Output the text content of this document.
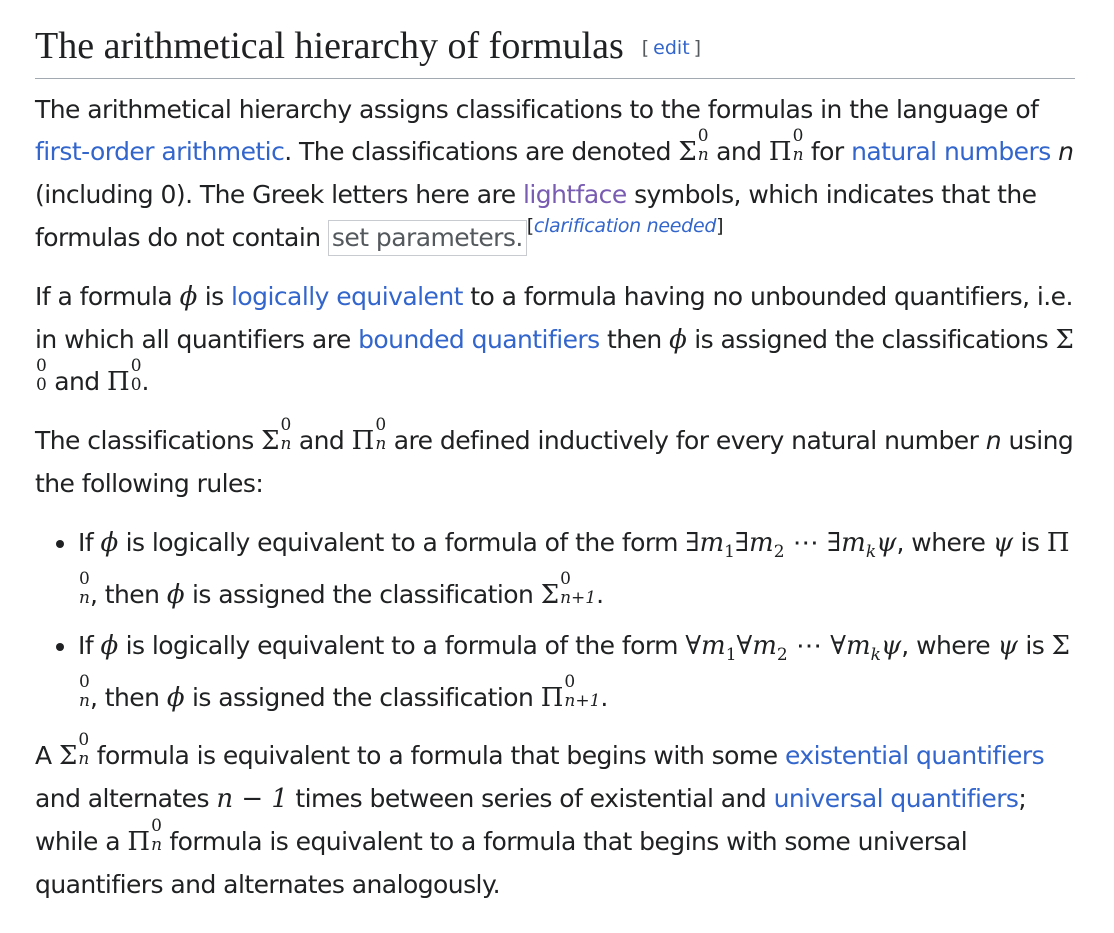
The arithmetical hierarchy of formulas [ edit ]

The arithmetical hierarchy assigns classifications to the formulas in the language of first-order arithmetic. The classifications are denoted Σ
0
n and Π
0
n for natural numbers n (including 0). The Greek letters here are lightface symbols, which indicates that the formulas do not contain set parameters. [clarification needed]

If a formula ϕ is logically equivalent to a formula having no unbounded quantifiers, i.e. in which all quantifiers are bounded quantifiers then ϕ is assigned the classifications Σ
0
0 and Π
0
0 .

The classifications Σ
0
n and Π
0
n are defined inductively for every natural number n using the following rules:

• If ϕ is logically equivalent to a formula of the form $\exists m_1\exists m_2$ ⋯ $\exists m_k\psi$, where ψ is Π
0
n , then ϕ is assigned the classification Σ
0
n+1 .
• If ϕ is logically equivalent to a formula of the form $\forall m_1\forall m_2$ ⋯ $\forall m_k\psi$, where ψ is Σ
0
n , then ϕ is assigned the classification Π
0
n+1 .

A Σ
0
n formula is equivalent to a formula that begins with some existential quantifiers and alternates n − 1 times between series of existential and universal quantifiers; while a Π
0
n formula is equivalent to a formula that begins with some universal quantifiers and alternates analogously.
